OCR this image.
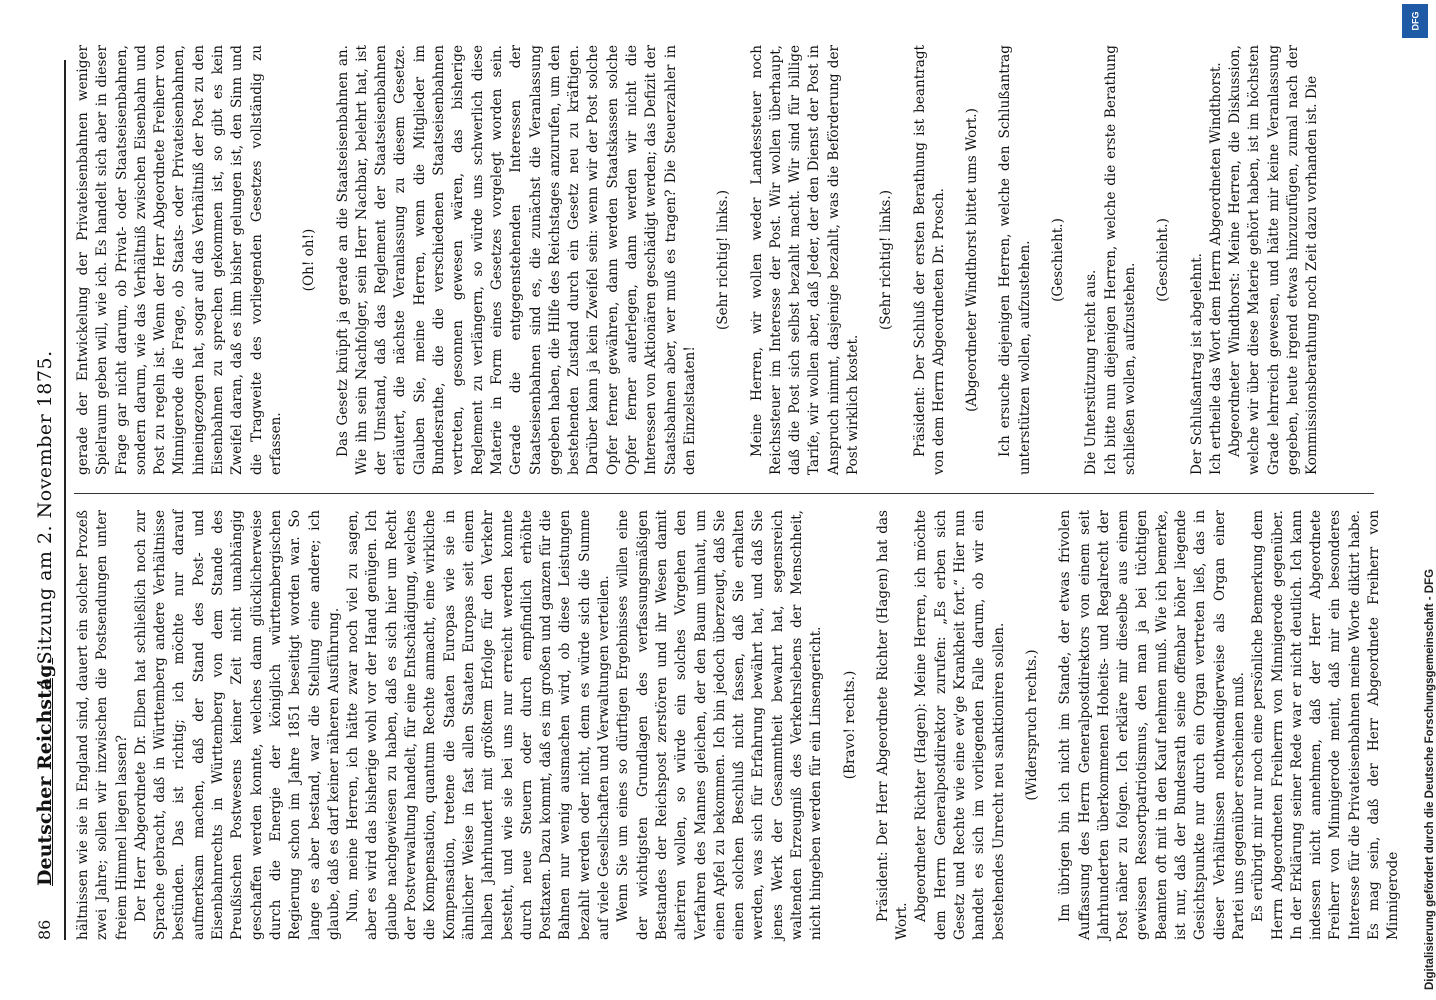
86
Deutscher Reichstag.
4. Sitzung am 2. November 1875.	hältnissen wie sie in England sind, dauert ein solcher Prozeß zwei Jahre; sollen wir inzwischen die Postsendungen unter freiem Himmel liegen lassen? Der Herr Abgeordnete Dr. Elben hat schließlich noch zur Sprache gebracht, daß in Württemberg andere Verhältnisse bestünden. Das ist richtig; ich möchte nur darauf aufmerksam machen, daß der Stand des Post- und Eisenbahnrechts in Württemberg von dem Stande des Preußischen Postwesens keiner Zeit nicht unabhängig geschaffen werden konnte, welches dann glücklicherweise durch die Energie der königlich württembergischen Regierung schon im Jahre 1851 beseitigt worden war. So lange es aber bestand, war die Stellung eine andere; ich glaube, daß es darf keiner näheren Ausführung. Nun, meine Herren, ich hätte zwar noch viel zu sagen, aber es wird das bisherige wohl vor der Hand genügen. Ich glaube nachgewiesen zu haben, daß es sich hier um Recht der Postverwaltung handelt, für eine Entschädigung, welches die Kompensation, quantum Rechte anmacht, eine wirkliche Kompensation, tretene die Staaten Europas wie sie in ähnlicher Weise in fast allen Staaten Europas seit einem halben Jahrhundert mit größtem Erfolge für den Verkehr besteht, und wie sie bei uns nur erreicht werden konnte durch neue Steuern oder durch empfindlich erhöhte Posttaxen. Dazu kommt, daß es im großen und ganzen für die Bahnen nur wenig ausmachen wird, ob diese Leistungen bezahlt werden oder nicht, denn es würde sich die Summe auf viele Gesellschaften und Verwaltungen verteilen. Wenn Sie um eines so dürftigen Ergebnisses willen eine der wichtigsten Grundlagen des verfassungsmäßigen Bestandes der Reichspost zerstören und ihr Wesen damit alteriren wollen, so würde ein solches Vorgehen den Verfahren des Mannes gleichen, der den Baum umhaut, um einen Apfel zu bekommen. Ich bin jedoch überzeugt, daß Sie einen solchen Beschluß nicht fassen, daß Sie erhalten werden, was sich für Erfahrung bewährt hat, und daß Sie jenes Werk der Gesammtheit bewahrt hat, segensreich waltenden Erzeugniß des Verkehrslebens der Menschheit, nicht hingeben werden für ein Linsengericht. (Bravo! rechts.) Präsident: Der Herr Abgeordnete Richter (Hagen) hat das Wort. Abgeordneter Richter (Hagen): Meine Herren, ich möchte dem Herrn Generalpostdirektor zurufen: „Es erben sich Gesetz und Rechte wie eine ew'ge Krankheit fort.“ Hier nun handelt es sich im vorliegenden Falle darum, ob wir ein bestehendes Unrecht neu sanktioniren sollen. (Widerspruch rechts.) Im übrigen bin ich nicht im Stande, der etwas frivolen Auffassung des Herrn Generalpostdirektors von einem seit Jahrhunderten überkommenen Hoheits- und Regalrecht der Post näher zu folgen. Ich erkläre mir dieselbe aus einem gewissen Ressortpatriotismus, den man ja bei tüchtigen Beamten oft mit in den Kauf nehmen muß. Wie ich bemerke, ist nur, daß der Bundesrath seine offenbar höher liegende Gesichtspunkte nur durch ein Organ vertreten ließ, das in dieser Verhältnissen nothwendigerweise als Organ einer Partei uns gegenüber erscheinen muß. Es erübrigt mir nur noch eine persönliche Bemerkung dem Herrn Abgeordneten Freiherrn von Minnigerode gegenüber. In der Erklärung seiner Rede war er nicht deutlich. Ich kann indessen nicht annehmen, daß der Herr Abgeordnete Freiherr von Minnigerode meint, daß mir ein besonderes Interesse für die Privateisenbahnen meine Worte diktirt habe. Es mag sein, daß der Herr Abgeordnete Freiherr von Minnigerode

gerade der Entwickelung der Privateisenbahnen weniger Spielraum geben will, wie ich. Es handelt sich aber in dieser Frage gar nicht darum, ob Privat- oder Staatseisenbahnen, sondern darum, wie das Verhältniß zwischen Eisenbahn und Post zu regeln ist. Wenn der Herr Abgeordnete Freiherr von Minnigerode die Frage, ob Staats- oder Privateisenbahnen, hineingezogen hat, sogar auf das Verhältniß der Post zu den Eisenbahnen zu sprechen gekommen ist, so gibt es kein Zweifel daran, daß es ihm bisher gelungen ist, den Sinn und die Tragweite des vorliegenden Gesetzes vollständig zu erfassen.

(Oh! oh!) Das Gesetz knüpft ja gerade an die Staatseisenbahnen an. Wie ihn sein Nachfolger, sein Herr Nachbar, belehrt hat, ist der Umstand, daß das Reglement der Staatseisenbahnen erläutert, die nächste Veranlassung zu diesem Gesetze. Glauben Sie, meine Herren, wenn die Mitglieder im Bundesrathe, die die verschiedenen Staatseisenbahnen vertreten, gesonnen gewesen wären, das bisherige Reglement zu verlängern, so würde uns schwerlich diese Materie in Form eines Gesetzes vorgelegt worden sein. Gerade die entgegenstehenden Interessen der Staatseisenbahnen sind es, die zunächst die Veranlassung gegeben haben, die Hilfe des Reichstages anzurufen, um den bestehenden Zustand durch ein Gesetz neu zu kräftigen. Darüber kann ja kein Zweifel sein: wenn wir der Post solche Opfer ferner gewähren, dann werden Staatskassen solche Opfer ferner auferlegen, dann werden wir nicht die Interessen von Aktionären geschädigt werden; das Defizit der Staatsbahnen aber, wer muß es tragen? Die Steuerzahler in den Einzelstaaten!

(Sehr richtig! links.) Meine Herren, wir wollen weder Landessteuer noch Reichssteuer im Interesse der Post. Wir wollen überhaupt, daß die Post sich selbst bezahlt macht. Wir sind für billige Tarife, wir wollen aber, daß Jeder, der den Dienst der Post in Anspruch nimmt, dasjenige bezahlt, was die Beförderung der Post wirklich kostet.

(Sehr richtig! links.) Präsident: Der Schluß der ersten Berathung ist beantragt von dem Herrn Abgeordneten Dr. Prosch. (Abgeordneter Windthorst bittet ums Wort.) Ich ersuche diejenigen Herren, welche den Schlußantrag unterstützen wollen, aufzustehen. (Geschieht.)

Die Unterstützung reicht aus. Ich bitte nun diejenigen Herren, welche die erste Berathung schließen wollen, aufzustehen.

(Geschieht.) Der Schlußantrag ist abgelehnt. Ich ertheile das Wort dem Herrn Abgeordneten Windthorst. Abgeordneter Windthorst: Meine Herren, die Diskussion, welche wir über diese Materie gehört haben, ist im höchsten Grade lehrreich gewesen, und hätte mir keine Veranlassung gegeben, heute irgend etwas hinzuzufügen, zumal nach der Kommissionsberathung noch Zeit dazu vorhanden ist. Die

Digitalisierung gefördert durch die Deutsche Forschungsgemeinschaft - DFG
DFG
